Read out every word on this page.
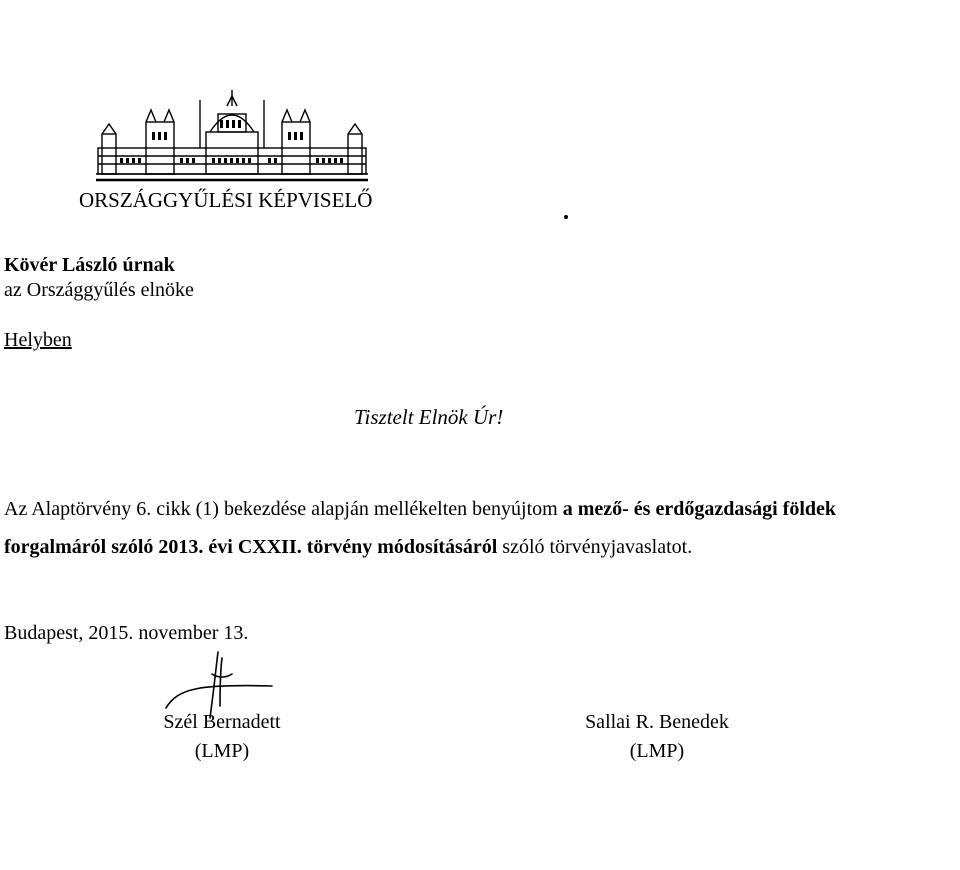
ORSZÁGGYŰLÉSI KÉPVISELŐ
Kövér László úrnak
az Országgyűlés elnöke
Helyben
Tisztelt Elnök Úr!
Az Alaptörvény 6. cikk (1) bekezdése alapján mellékelten benyújtom a mező- és erdőgazdasági földek forgalmáról szóló 2013. évi CXXII. törvény módosításáról szóló törvényjavaslatot.
Budapest, 2015. november 13.
Szél Bernadett
(LMP)
Sallai R. Benedek
(LMP)
